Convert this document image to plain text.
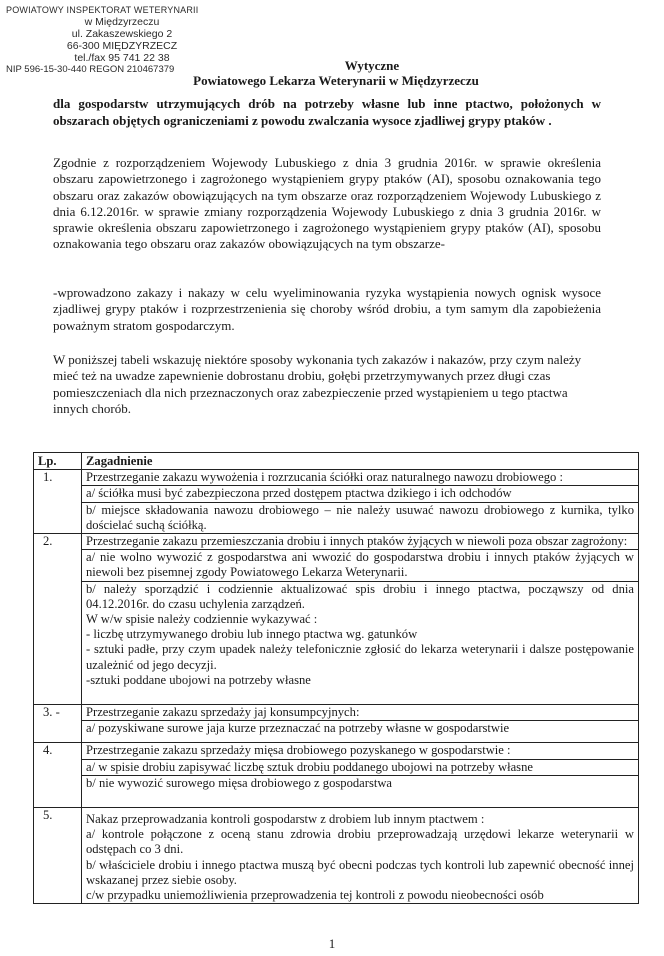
POWIATOWY INSPEKTORAT WETERYNARII
w Międzyrzeczu
ul. Zakaszewskiego 2
66-300 MIĘDZYRZECZ
tel./fax 95 741 22 38
NIP 596-15-30-440 REGON 210467379	Wytyczne
Powiatowego Lekarza Weterynarii w Międzyrzeczu
dla gospodarstw utrzymujących drób na potrzeby własne lub inne ptactwo, położonych w obszarach objętych ograniczeniami z powodu zwalczania wysoce zjadliwej grypy ptaków .
Zgodnie z rozporządzeniem Wojewody Lubuskiego z dnia 3 grudnia 2016r. w sprawie określenia obszaru zapowietrzonego i zagrożonego wystąpieniem grypy ptaków (AI), sposobu oznakowania tego obszaru oraz zakazów obowiązujących na tym obszarze oraz rozporządzeniem Wojewody Lubuskiego z dnia 6.12.2016r. w sprawie zmiany rozporządzenia Wojewody Lubuskiego z dnia 3 grudnia 2016r. w sprawie określenia obszaru zapowietrzonego i zagrożonego wystąpieniem grypy ptaków (AI), sposobu oznakowania tego obszaru oraz zakazów obowiązujących na tym obszarze-
-wprowadzono zakazy i nakazy w celu wyeliminowania ryzyka wystąpienia nowych ognisk wysoce zjadliwej grypy ptaków i rozprzestrzenienia się choroby wśród drobiu, a tym samym dla zapobieżenia poważnym stratom gospodarczym.
W poniższej tabeli wskazuję niektóre sposoby wykonania tych zakazów i nakazów, przy czym należy mieć też na uwadze zapewnienie dobrostanu drobiu, gołębi przetrzymywanych przez długi czas pomieszczeniach dla nich przeznaczonych oraz zabezpieczenie przed wystąpieniem u tego ptactwa innych chorób.
Lp.	Zagadnienie
1.	Przestrzeganie zakazu wywożenia i rozrzucania ściółki oraz naturalnego nawozu drobiowego :
	a/ ściółka musi być zabezpieczona przed dostępem ptactwa dzikiego i ich odchodów
	b/ miejsce składowania nawozu drobiowego – nie należy usuwać nawozu drobiowego z kurnika, tylko dościelać suchą ściółką.
2.	Przestrzeganie zakazu przemieszczania drobiu i innych ptaków żyjących w niewoli poza obszar zagrożony:
	a/ nie wolno wywozić z gospodarstwa ani wwozić do gospodarstwa drobiu i innych ptaków żyjących w niewoli bez pisemnej zgody Powiatowego Lekarza Weterynarii.

	b/ należy sporządzić i codziennie aktualizować spis drobiu i innego ptactwa, począwszy od dnia 04.12.2016r. do czasu uchylenia zarządzeń.
W w/w spisie należy codziennie wykazywać :
- liczbę utrzymywanego drobiu lub innego ptactwa wg. gatunków
- sztuki padłe, przy czym upadek należy telefonicznie zgłosić do lekarza weterynarii i dalsze postępowanie uzależnić od jego decyzji.
-sztuki poddane ubojowi na potrzeby własne

3. -	Przestrzeganie zakazu sprzedaży jaj konsumpcyjnych:
	a/ pozyskiwane surowe jaja kurze przeznaczać na potrzeby własne w gospodarstwie
4.	Przestrzeganie zakazu sprzedaży mięsa drobiowego pozyskanego w gospodarstwie :
	a/ w spisie drobiu zapisywać liczbę sztuk drobiu poddanego ubojowi na potrzeby własne
	b/ nie wywozić surowego mięsa drobiowego z gospodarstwa
5.	Nakaz przeprowadzania kontroli gospodarstw z drobiem lub innym ptactwem :
a/ kontrole połączone z oceną stanu zdrowia drobiu przeprowadzają urzędowi lekarze weterynarii w odstępach co 3 dni.
b/ właściciele drobiu i innego ptactwa muszą być obecni podczas tych kontroli lub zapewnić obecność innej wskazanej przez siebie osoby.
c/w przypadku uniemożliwienia przeprowadzenia tej kontroli z powodu nieobecności osób
1
